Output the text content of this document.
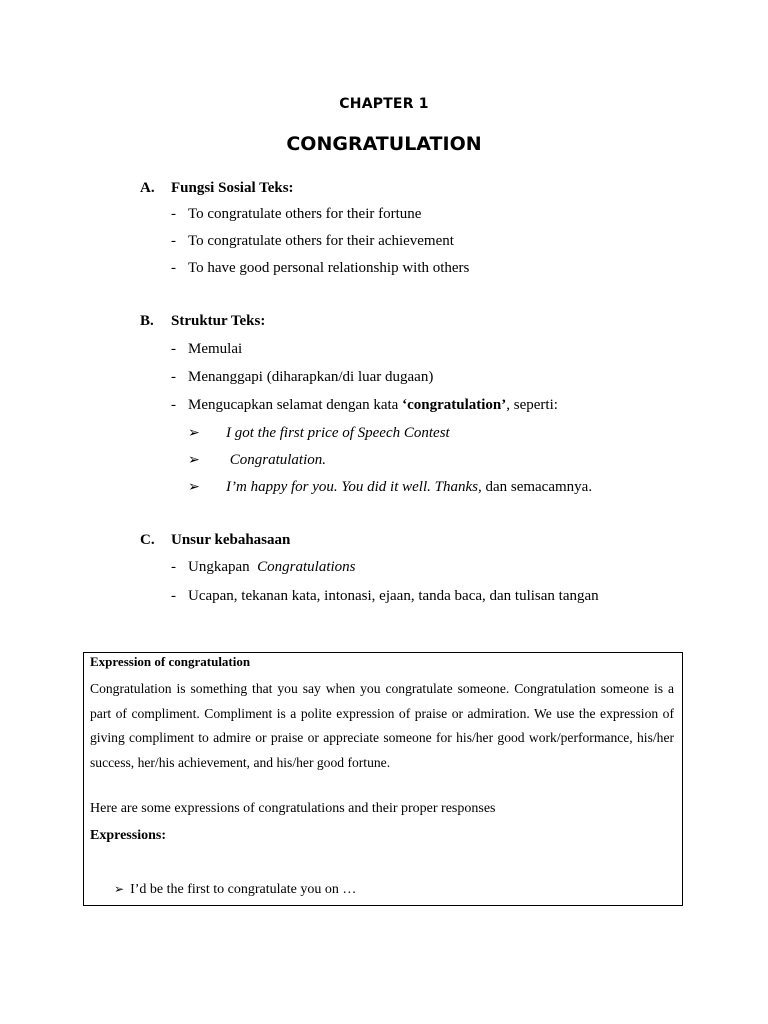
CHAPTER 1
CONGRATULATION
A. Fungsi Sosial Teks:
- To congratulate others for their fortune
- To congratulate others for their achievement
- To have good personal relationship with others
B. Struktur Teks:
- Memulai
- Menanggapi (diharapkan/di luar dugaan)
- Mengucapkan selamat dengan kata ‘congratulation’, seperti:
➢ I got the first price of Speech Contest
➢ Congratulation.
➢ I’m happy for you. You did it well. Thanks, dan semacamnya.
C. Unsur kebahasaan
- Ungkapan  Congratulations
- Ucapan, tekanan kata, intonasi, ejaan, tanda baca, dan tulisan tangan
Expression of congratulation
Congratulation is something that you say when you congratulate someone. Congratulation someone is a part of compliment. Compliment is a polite expression of praise or admiration. We use the expression of giving compliment to admire or praise or appreciate someone for his/her good work/performance, his/her success, her/his achievement, and his/her good fortune.
Here are some expressions of congratulations and their proper responses
Expressions:
➢ I’d be the first to congratulate you on …
